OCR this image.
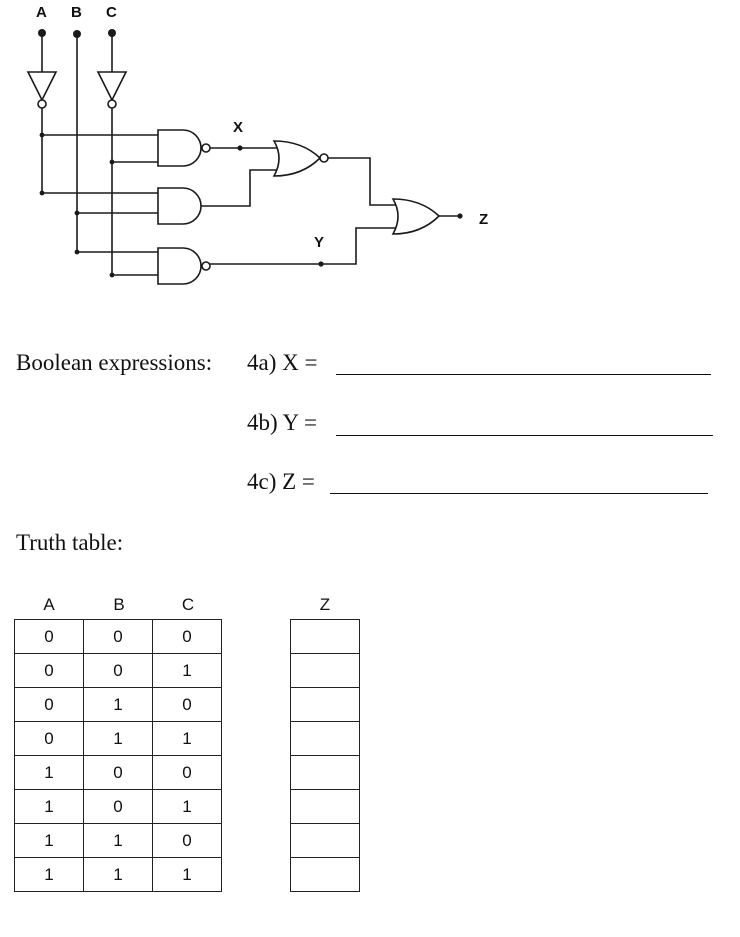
A B C
X
Y
Z
Boolean expressions: 4a) X =
4b) Y =
4c) Z =
Truth table:
A	B	C	Z
0	0	0
0	0	1
0	1	0
0	1	1
1	0	0
1	0	1
1	1	0
1	1	1
